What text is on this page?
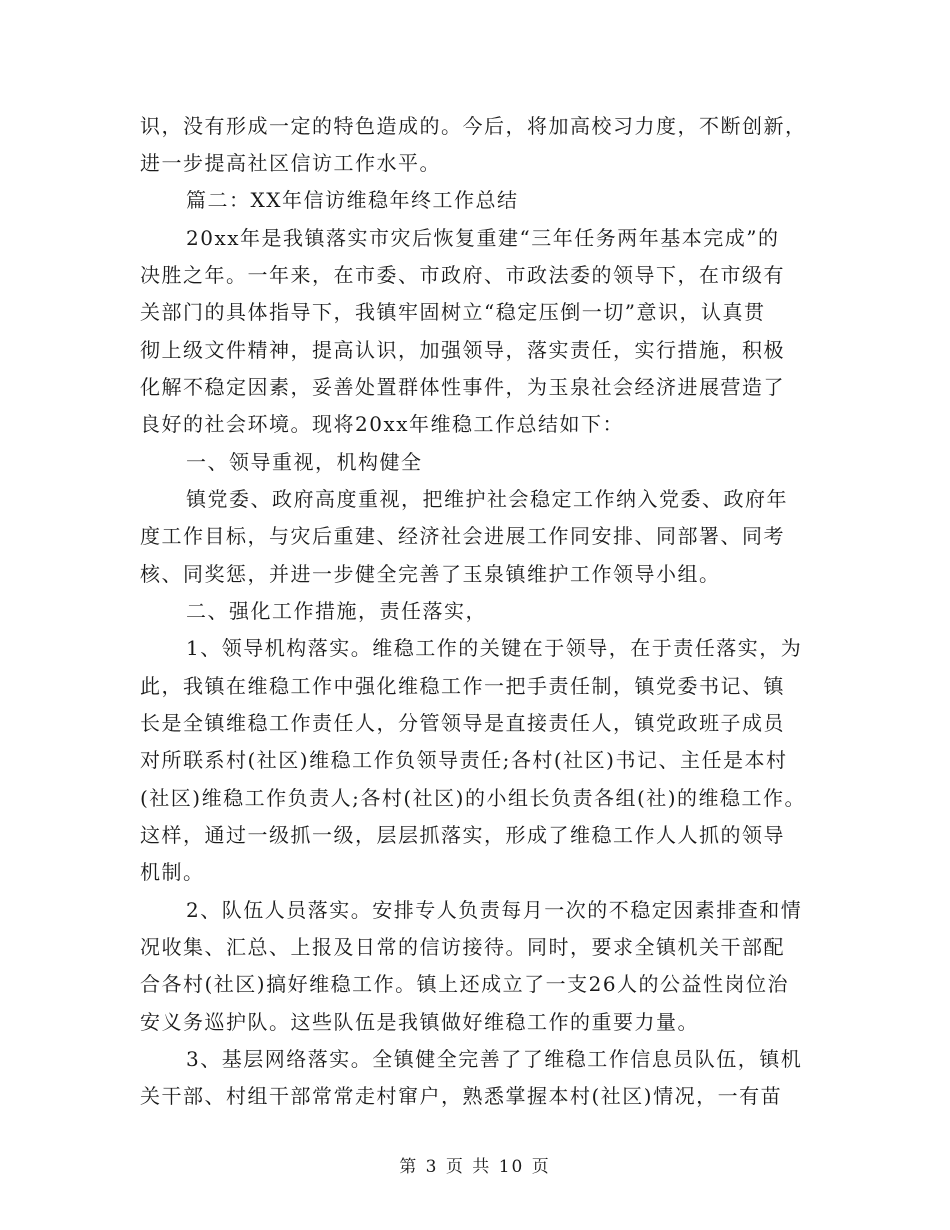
识，没有形成一定的特色造成的。今后，将加高校习力度，不断创新，
进一步提高社区信访工作水平。
篇二：XX年信访维稳年终工作总结
20xx年是我镇落实市灾后恢复重建“三年任务两年基本完成”的
决胜之年。一年来，在市委、市政府、市政法委的领导下，在市级有
关部门的具体指导下，我镇牢固树立“稳定压倒一切”意识，认真贯
彻上级文件精神，提高认识，加强领导，落实责任，实行措施，积极
化解不稳定因素，妥善处置群体性事件，为玉泉社会经济进展营造了
良好的社会环境。现将20xx年维稳工作总结如下：
一、领导重视，机构健全
镇党委、政府高度重视，把维护社会稳定工作纳入党委、政府年
度工作目标，与灾后重建、经济社会进展工作同安排、同部署、同考
核、同奖惩，并进一步健全完善了玉泉镇维护工作领导小组。
二、强化工作措施，责任落实，
1、领导机构落实。维稳工作的关键在于领导，在于责任落实，为
此，我镇在维稳工作中强化维稳工作一把手责任制，镇党委书记、镇
长是全镇维稳工作责任人，分管领导是直接责任人，镇党政班子成员
对所联系村(社区)维稳工作负领导责任;各村(社区)书记、主任是本村
(社区)维稳工作负责人;各村(社区)的小组长负责各组(社)的维稳工作。
这样，通过一级抓一级，层层抓落实，形成了维稳工作人人抓的领导
机制。
2、队伍人员落实。安排专人负责每月一次的不稳定因素排查和情
况收集、汇总、上报及日常的信访接待。同时，要求全镇机关干部配
合各村(社区)搞好维稳工作。镇上还成立了一支26人的公益性岗位治
安义务巡护队。这些队伍是我镇做好维稳工作的重要力量。
3、基层网络落实。全镇健全完善了了维稳工作信息员队伍，镇机
关干部、村组干部常常走村窜户，熟悉掌握本村(社区)情况，一有苗
第 3 页 共 10 页
